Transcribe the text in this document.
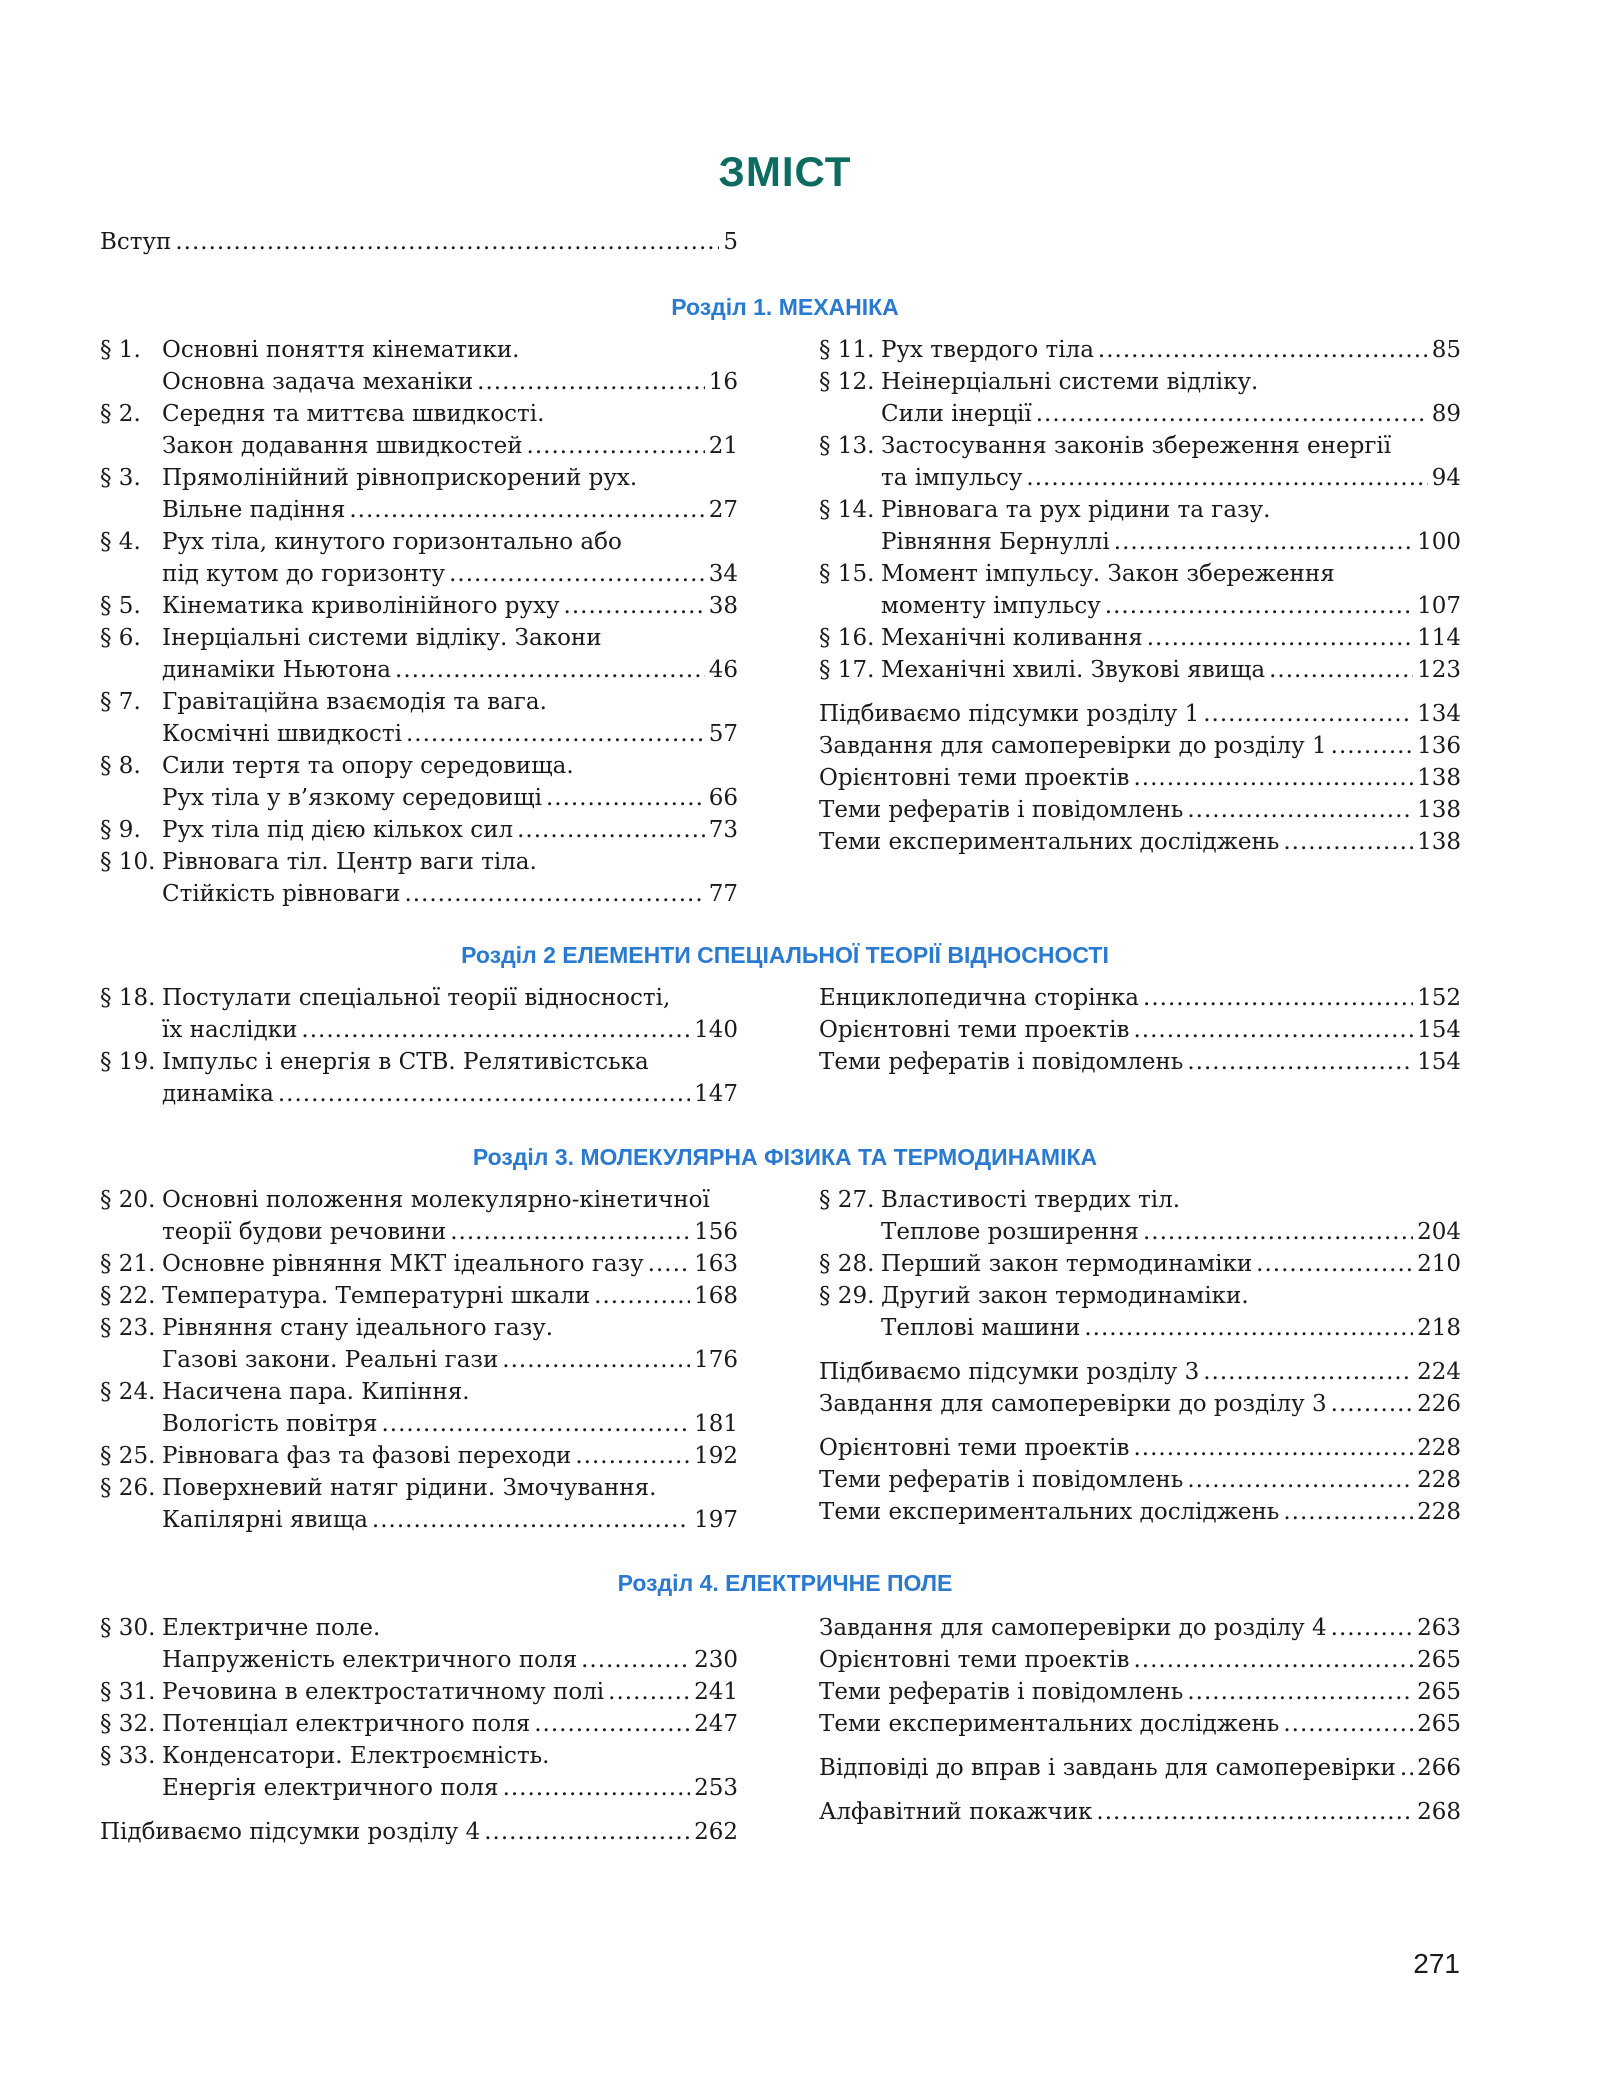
ЗМІСТ
Вступ .....	5
Розділ 1. МЕХАНІКА
§ 1. Основні поняття кінематики.
Основна задача механіки .....	16
§ 2. Середня та миттєва швидкості.
Закон додавання швидкостей .....	21
§ 3. Прямолінійний рівноприскорений рух.
Вільне падіння .....	27
§ 4. Рух тіла, кинутого горизонтально або
під кутом до горизонту .....	34
§ 5. Кінематика криволінійного руху .....	38
§ 6. Інерціальні системи відліку. Закони
динаміки Ньютона .....	46
§ 7. Гравітаційна взаємодія та вага.
Космічні швидкості .....	57
§ 8. Сили тертя та опору середовища.
Рух тіла у в’язкому середовищі .....	66
§ 9. Рух тіла під дією кількох сил .....	73
§ 10. Рівновага тіл. Центр ваги тіла.
Стійкість рівноваги .....	77
§ 11. Рух твердого тіла .....	85
§ 12. Неінерціальні системи відліку.
Сили інерції .....	89
§ 13. Застосування законів збереження енергії
та імпульсу .....	94
§ 14. Рівновага та рух рідини та газу.
Рівняння Бернуллі .....	100
§ 15. Момент імпульсу. Закон збереження
моменту імпульсу .....	107
§ 16. Механічні коливання .....	114
§ 17. Механічні хвилі. Звукові явища .....	123
Підбиваємо підсумки розділу 1 .....	134
Завдання для самоперевірки до розділу 1 .....	136
Орієнтовні теми проектів .....	138
Теми рефератів і повідомлень .....	138
Теми експериментальних досліджень .....	138
Розділ 2 ЕЛЕМЕНТИ СПЕЦІАЛЬНОЇ ТЕОРІЇ ВІДНОСНОСТІ
§ 18. Постулати спеціальної теорії відносності,
їх наслідки .....	140
§ 19. Імпульс і енергія в СТВ. Релятивістська
динаміка .....	147
Енциклопедична сторінка .....	152
Орієнтовні теми проектів .....	154
Теми рефератів і повідомлень .....	154
Розділ 3. МОЛЕКУЛЯРНА ФІЗИКА ТА ТЕРМОДИНАМІКА
§ 20. Основні положення молекулярно-кінетичної
теорії будови речовини .....	156
§ 21. Основне рівняння МКТ ідеального газу ..... 163
§ 22. Температура. Температурні шкали .....	168
§ 23. Рівняння стану ідеального газу.
Газові закони. Реальні гази .....	176
§ 24. Насичена пара. Кипіння.
Вологість повітря .....	181
§ 25. Рівновага фаз та фазові переходи .....	192
§ 26. Поверхневий натяг рідини. Змочування.
Капілярні явища .....	197
§ 27. Властивості твердих тіл.
Теплове розширення .....	204
§ 28. Перший закон термодинаміки .....	210
§ 29. Другий закон термодинаміки.
Теплові машини .....	218
Підбиваємо підсумки розділу 3 .....	224
Завдання для самоперевірки до розділу 3 .....	226
Орієнтовні теми проектів .....	228
Теми рефератів і повідомлень .....	228
Теми експериментальних досліджень .....	228
Розділ 4. ЕЛЕКТРИЧНЕ ПОЛЕ
§ 30. Електричне поле.
Напруженість електричного поля .....	230
§ 31. Речовина в електростатичному полі .....	241
§ 32. Потенціал електричного поля .....	247
§ 33. Конденсатори. Електроємність.
Енергія електричного поля .....	253
Підбиваємо підсумки розділу 4 .....	262
Завдання для самоперевірки до розділу 4 .....	263
Орієнтовні теми проектів .....	265
Теми рефератів і повідомлень .....	265
Теми експериментальних досліджень .....	265
Відповіді до вправ і завдань для самоперевірки ..... 266
Алфавітний покажчик .....	268
271
